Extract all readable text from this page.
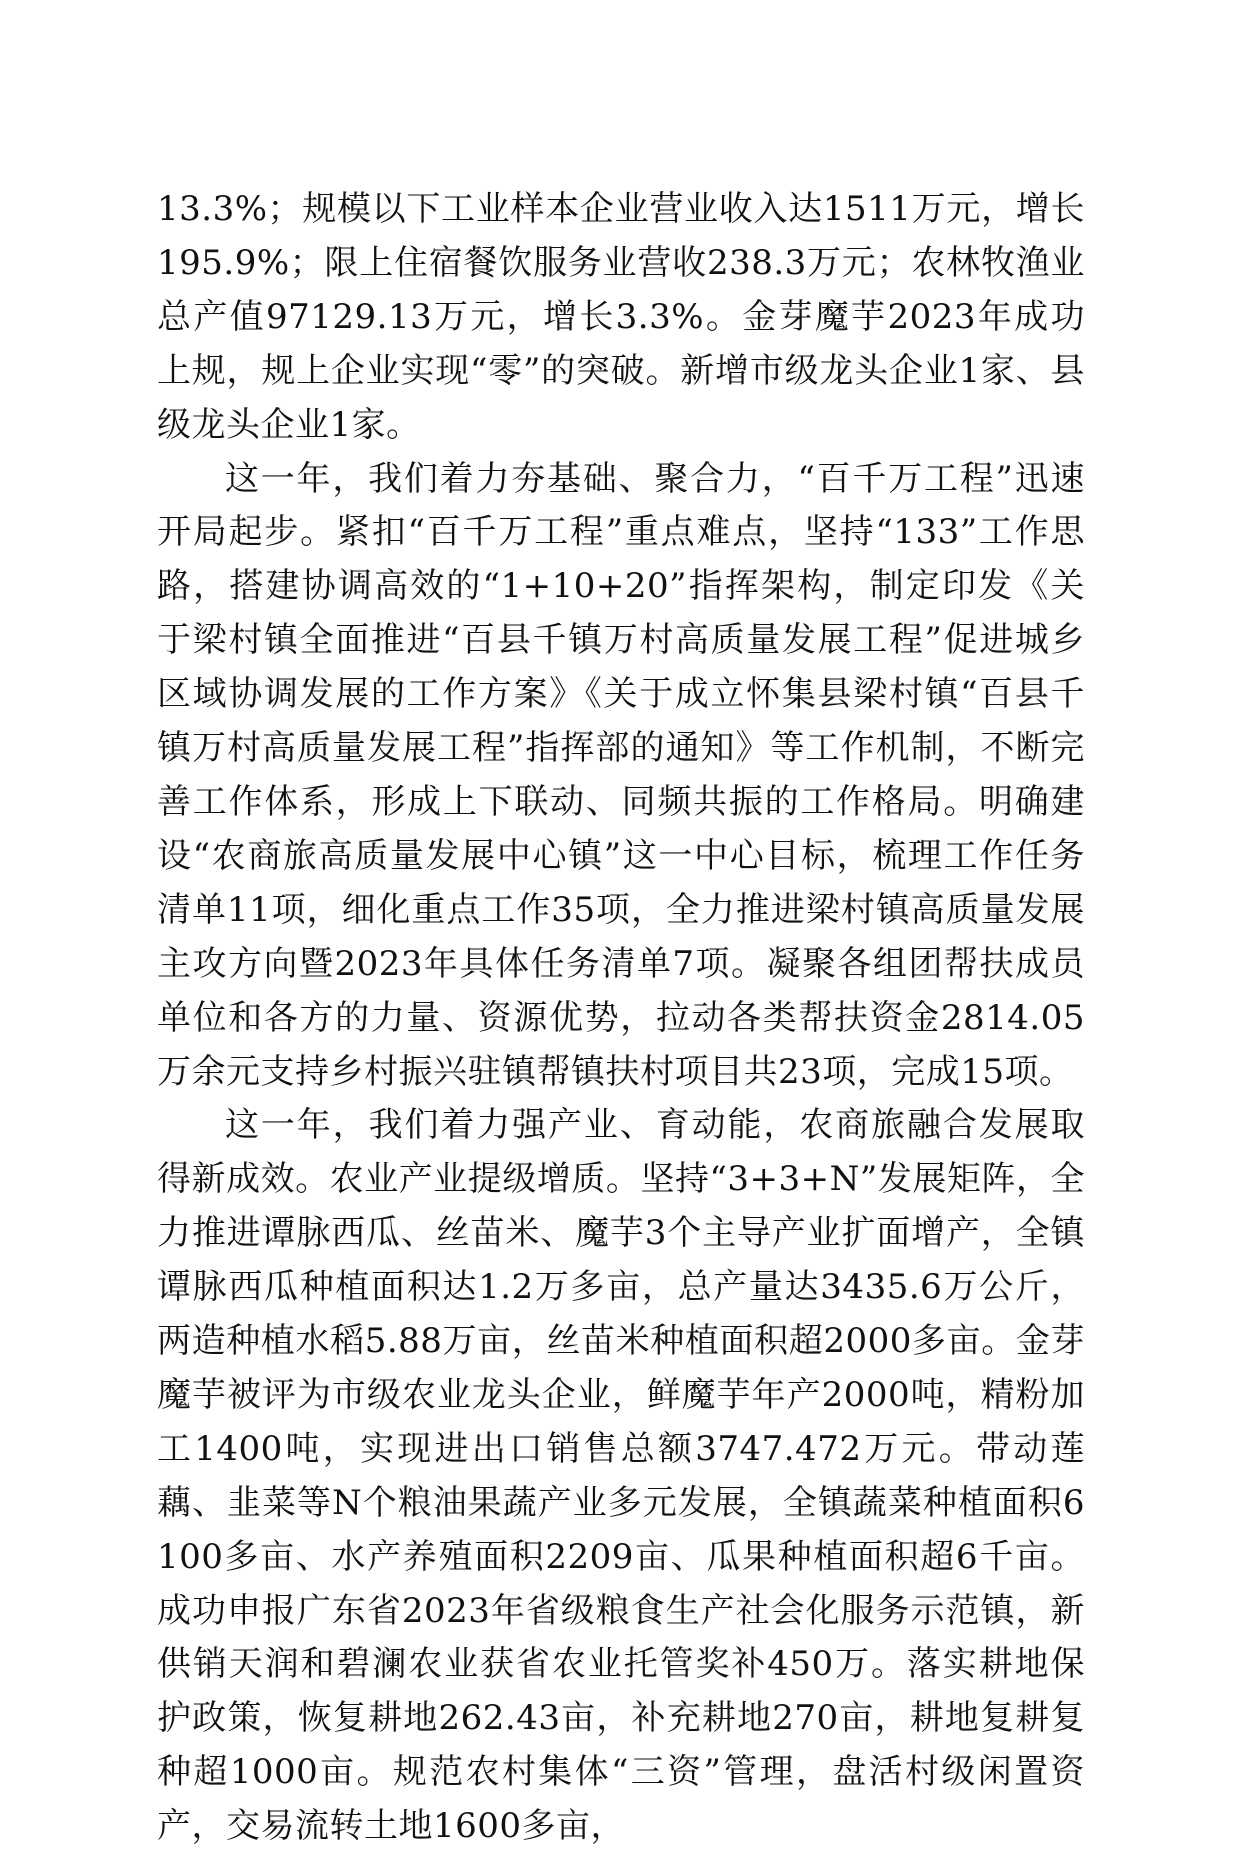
13.3%；规模以下工业样本企业营业收入达1511万元，增长195.9%；限上住宿餐饮服务业营收238.3万元；农林牧渔业总产值97129.13万元，增长3.3%。金芽魔芋2023年成功上规，规上企业实现“零”的突破。新增市级龙头企业1家、县级龙头企业1家。

这一年，我们着力夯基础、聚合力，“百千万工程”迅速开局起步。紧扣“百千万工程”重点难点，坚持“133”工作思路，搭建协调高效的“1+10+20”指挥架构，制定印发《关于梁村镇全面推进“百县千镇万村高质量发展工程”促进城乡区域协调发展的工作方案》《关于成立怀集县梁村镇“百县千镇万村高质量发展工程”指挥部的通知》等工作机制，不断完善工作体系，形成上下联动、同频共振的工作格局。明确建设“农商旅高质量发展中心镇”这一中心目标，梳理工作任务清单11项，细化重点工作35项，全力推进梁村镇高质量发展主攻方向暨2023年具体任务清单7项。凝聚各组团帮扶成员单位和各方的力量、资源优势，拉动各类帮扶资金2814.05万余元支持乡村振兴驻镇帮镇扶村项目共23项，完成15项。

这一年，我们着力强产业、育动能，农商旅融合发展取得新成效。农业产业提级增质。坚持“3+3+N”发展矩阵，全力推进谭脉西瓜、丝苗米、魔芋3个主导产业扩面增产，全镇谭脉西瓜种植面积达1.2万多亩，总产量达3435.6万公斤，两造种植水稻5.88万亩，丝苗米种植面积超2000多亩。金芽魔芋被评为市级农业龙头企业，鲜魔芋年产2000吨，精粉加工1400吨，实现进出口销售总额3747.472万元。带动莲藕、韭菜等N个粮油果蔬产业多元发展，全镇蔬菜种植面积6100多亩、水产养殖面积2209亩、瓜果种植面积超6千亩。成功申报广东省2023年省级粮食生产社会化服务示范镇，新供销天润和碧澜农业获省农业托管奖补450万。落实耕地保护政策，恢复耕地262.43亩，补充耕地270亩，耕地复耕复种超1000亩。规范农村集体“三资”管理，盘活村级闲置资产，交易流转土地1600多亩，
